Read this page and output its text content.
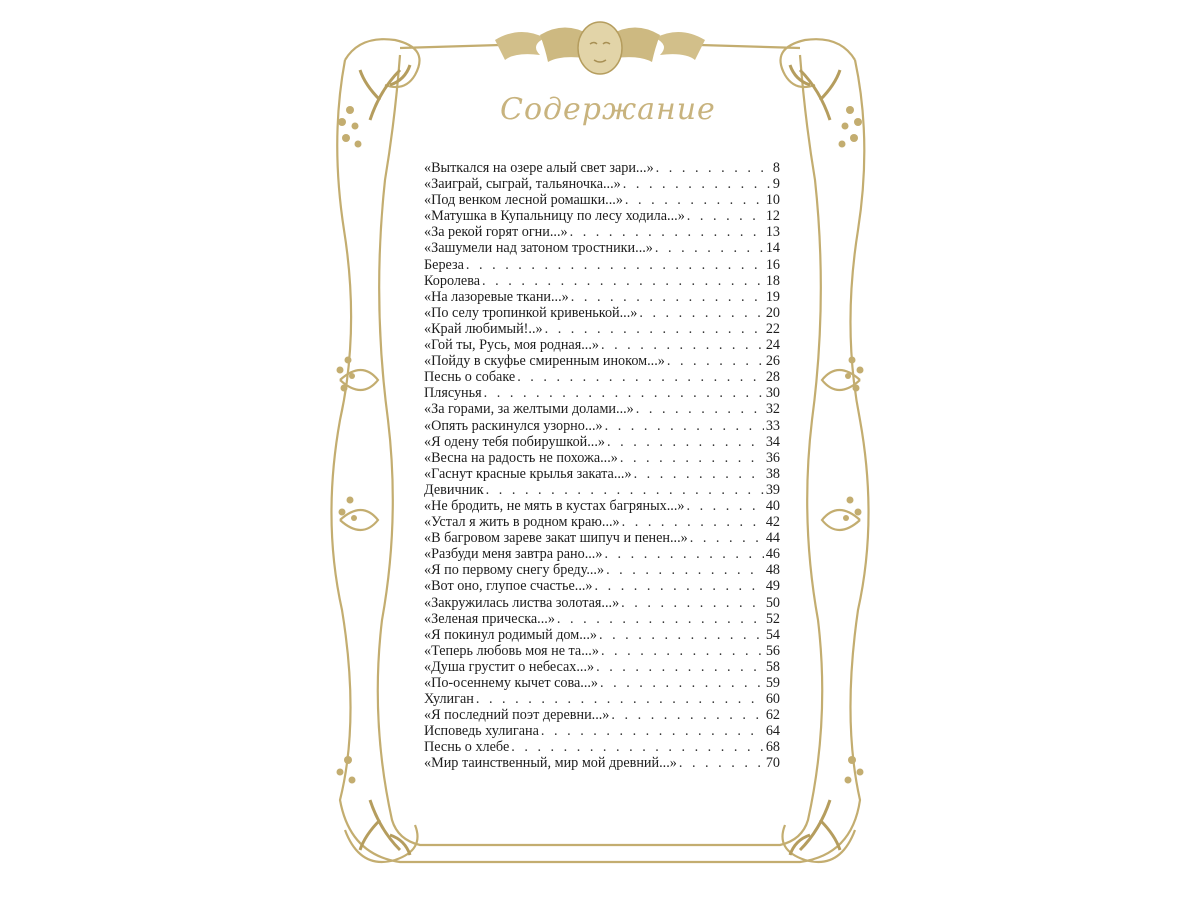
Содержание
«Выткался на озере алый свет зари...» . . .	8
«Заиграй, сыграй, тальяночка...» . . .	9
«Под венком лесной ромашки...» . . .	10
«Матушка в Купальницу по лесу ходила...» . . .	12
«За рекой горят огни...» . . .	13
«Зашумели над затоном тростники...» . . .	14
Береза . . .	16
Королева . . .	18
«На лазоревые ткани...» . . .	19
«По селу тропинкой кривенькой...» . . .	20
«Край любимый!..» . . .	22
«Гой ты, Русь, моя родная...» . . .	24
«Пойду в скуфье смиренным иноком...» . . .	26
Песнь о собаке . . .	28
Плясунья . . .	30
«За горами, за желтыми долами...» . . .	32
«Опять раскинулся узорно...» . . .	33
«Я одену тебя побирушкой...» . . .	34
«Весна на радость не похожа...» . . .	36
«Гаснут красные крылья заката...» . . .	38
Девичник . . .	39
«Не бродить, не мять в кустах багряных...» . . .	40
«Устал я жить в родном краю...» . . .	42
«В багровом зареве закат шипуч и пенен...» . . .	44
«Разбуди меня завтра рано...» . . .	46
«Я по первому снегу бреду...» . . .	48
«Вот оно, глупое счастье...» . . .	49
«Закружилась листва золотая...» . . .	50
«Зеленая прическа...» . . .	52
«Я покинул родимый дом...» . . .	54
«Теперь любовь моя не та...» . . .	56
«Душа грустит о небесах...» . . .	58
«По-осеннему кычет сова...» . . .	59
Хулиган . . .	60
«Я последний поэт деревни...» . . .	62
Исповедь хулигана . . .	64
Песнь о хлебе . . .	68
«Мир таинственный, мир мой древний...» . . .	70
